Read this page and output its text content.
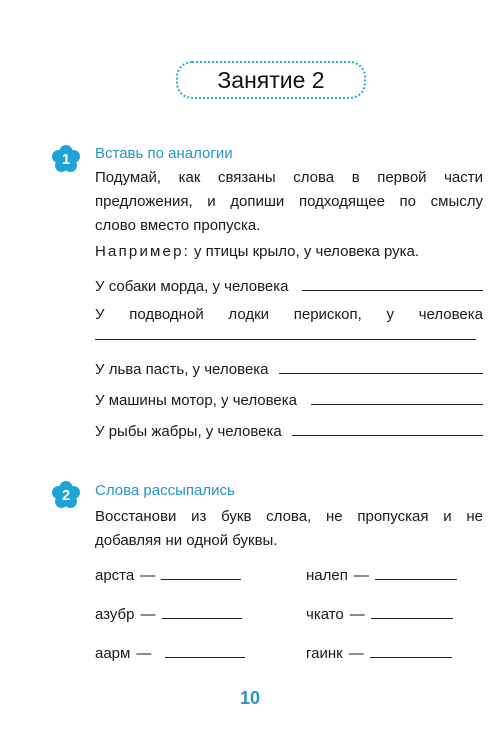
Занятие 2
1	Вставь по аналогии
Подумай, как связаны слова в первой части
предложения, и допиши подходящее по смыслу
слово вместо пропуска.
Например: у птицы крыло, у человека рука.
У собаки морда, у человека
У подводной лодки перископ, у человека
У льва пасть, у человека
У машины мотор, у человека
У рыбы жабры, у человека
2	Слова рассыпались
Восстанови из букв слова, не пропуская и не
добавляя ни одной буквы.
арста —	налеп —
азубр —	чкато —
аарм —	гаинк —
10
